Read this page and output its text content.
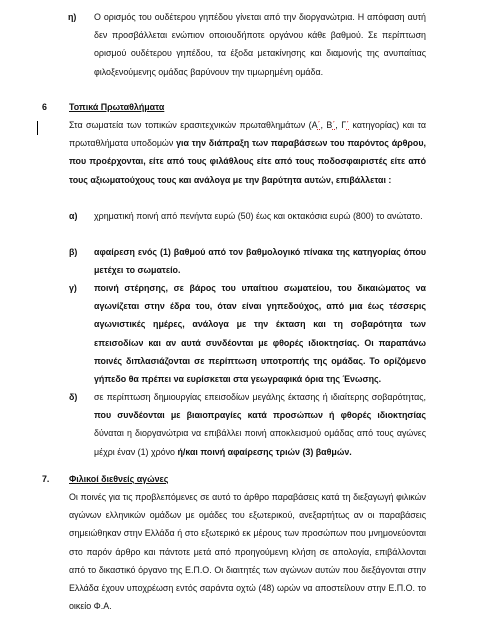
η) Ο ορισμός του ουδέτερου γηπέδου γίνεται από την διοργανώτρια. Η απόφαση αυτή δεν προσβάλλεται ενώπιον οποιουδήποτε οργάνου κάθε βαθμού. Σε περίπτωση ορισμού ουδέτερου γηπέδου, τα έξοδα μετακίνησης και διαμονής της ανυπαίτιας φιλοξενούμενης ομάδας βαρύνουν την τιμωρημένη ομάδα.
6 Τοπικά Πρωταθλήματα

Στα σωματεία των τοπικών ερασιτεχνικών πρωταθλημάτων (Α΄, Β΄, Γ΄ κατηγορίας) και τα πρωταθλήματα υποδομών για την διάπραξη των παραβάσεων του παρόντος άρθρου, που προέρχονται, είτε από τους φιλάθλους είτε από τους ποδοσφαιριστές είτε από τους αξιωματούχους τους και ανάλογα με την βαρύτητα αυτών, επιβάλλεται :

α) χρηματική ποινή από πενήντα ευρώ (50) έως και οκτακόσια ευρώ (800) το ανώτατο.
β) αφαίρεση ενός (1) βαθμού από τον βαθμολογικό πίνακα της κατηγορίας όπου μετέχει το σωματείο.
γ) ποινή στέρησης, σε βάρος του υπαίτιου σωματείου, του δικαιώματος να αγωνίζεται στην έδρα του, όταν είναι γηπεδούχος, από μια έως τέσσερις αγωνιστικές ημέρες, ανάλογα με την έκταση και τη σοβαρότητα των επεισοδίων και αν αυτά συνδέονται με φθορές ιδιοκτησίας. Οι παραπάνω ποινές διπλασιάζονται σε περίπτωση υποτροπής της ομάδας. Το ορίζόμενο γήπεδο θα πρέπει να ευρίσκεται στα γεωγραφικά όρια της Ένωσης.
δ) σε περίπτωση δημιουργίας επεισοδίων μεγάλης έκτασης ή ιδιαίτερης σοβαρότητας, που συνδέονται με βιαιοπραγίες κατά προσώπων ή φθορές ιδιοκτησίας δύναται η διοργανώτρια να επιβάλλει ποινή αποκλεισμού ομάδας από τους αγώνες μέχρι έναν (1) χρόνο ή/και ποινή αφαίρεσης τριών (3) βαθμών.

7. Φιλικοί διεθνείς αγώνες
Οι ποινές για τις προβλεπόμενες σε αυτό το άρθρο παραβάσεις κατά τη διεξαγωγή φιλικών αγώνων ελληνικών ομάδων με ομάδες του εξωτερικού, ανεξαρτήτως αν οι παραβάσεις σημειώθηκαν στην Ελλάδα ή στο εξωτερικό εκ μέρους των προσώπων που μνημονεύονται στο παρόν άρθρο και πάντοτε μετά από προηγούμενη κλήση σε απολογία, επιβάλλονται από το δικαστικό όργανο της Ε.Π.Ο. Οι διαιτητές των αγώνων αυτών που διεξάγονται στην Ελλάδα έχουν υποχρέωση εντός σαράντα οχτώ (48) ωρών να αποστείλουν στην Ε.Π.Ο. το οικείο Φ.Α.
